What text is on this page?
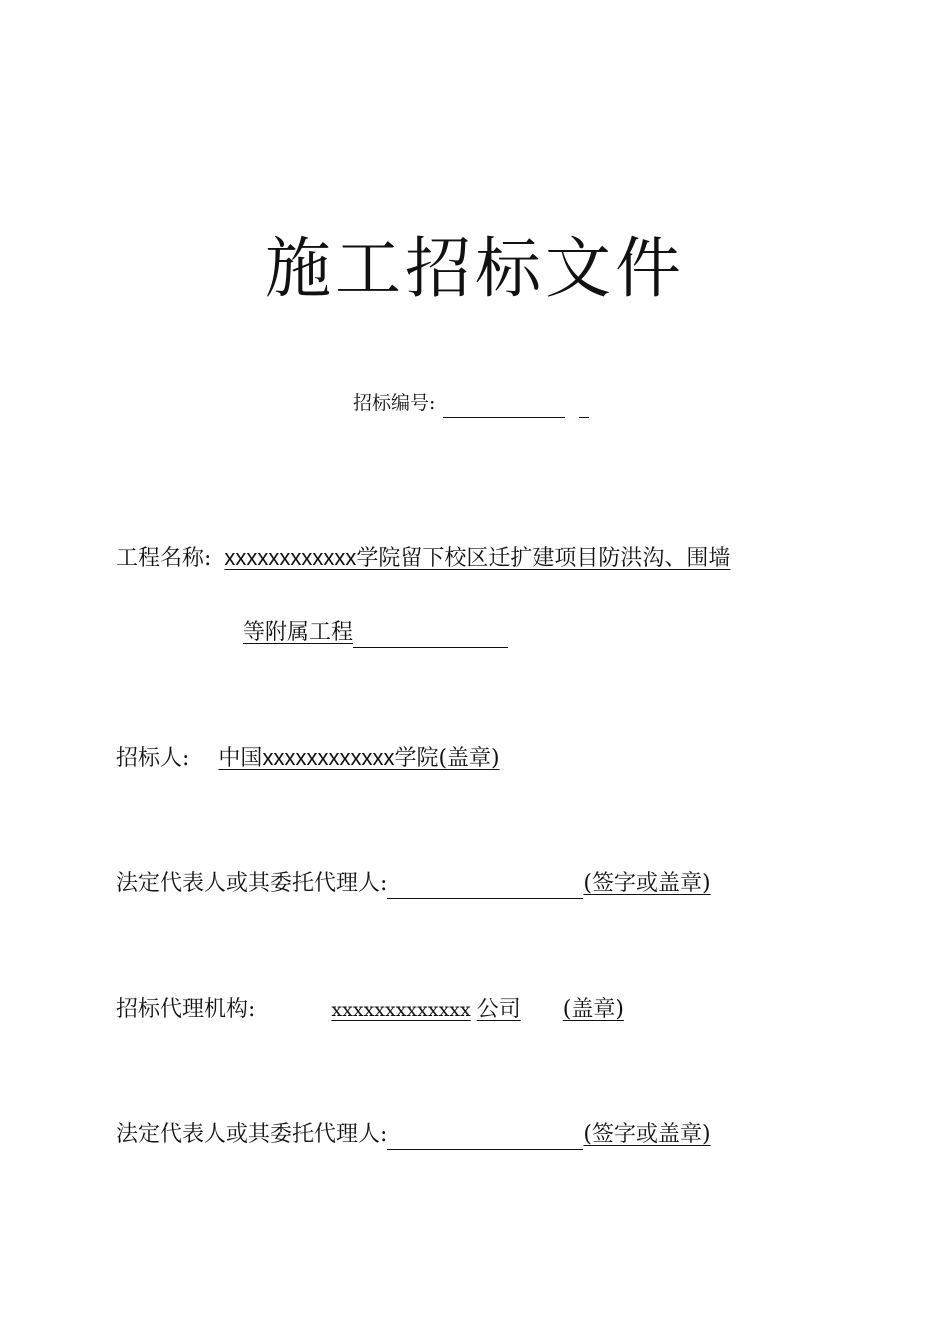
施工招标文件
招标编号:
工程名称: xxxxxxxxxxxx学院留下校区迁扩建项目防洪沟、围墙
等附属工程
招标人: 中国xxxxxxxxxxxx学院(盖章)
法定代表人或其委托代理人:	(签字或盖章)
招标代理机构:	xxxxxxxxxxxxx 公司 (盖章)
法定代表人或其委托代理人:	(签字或盖章)
